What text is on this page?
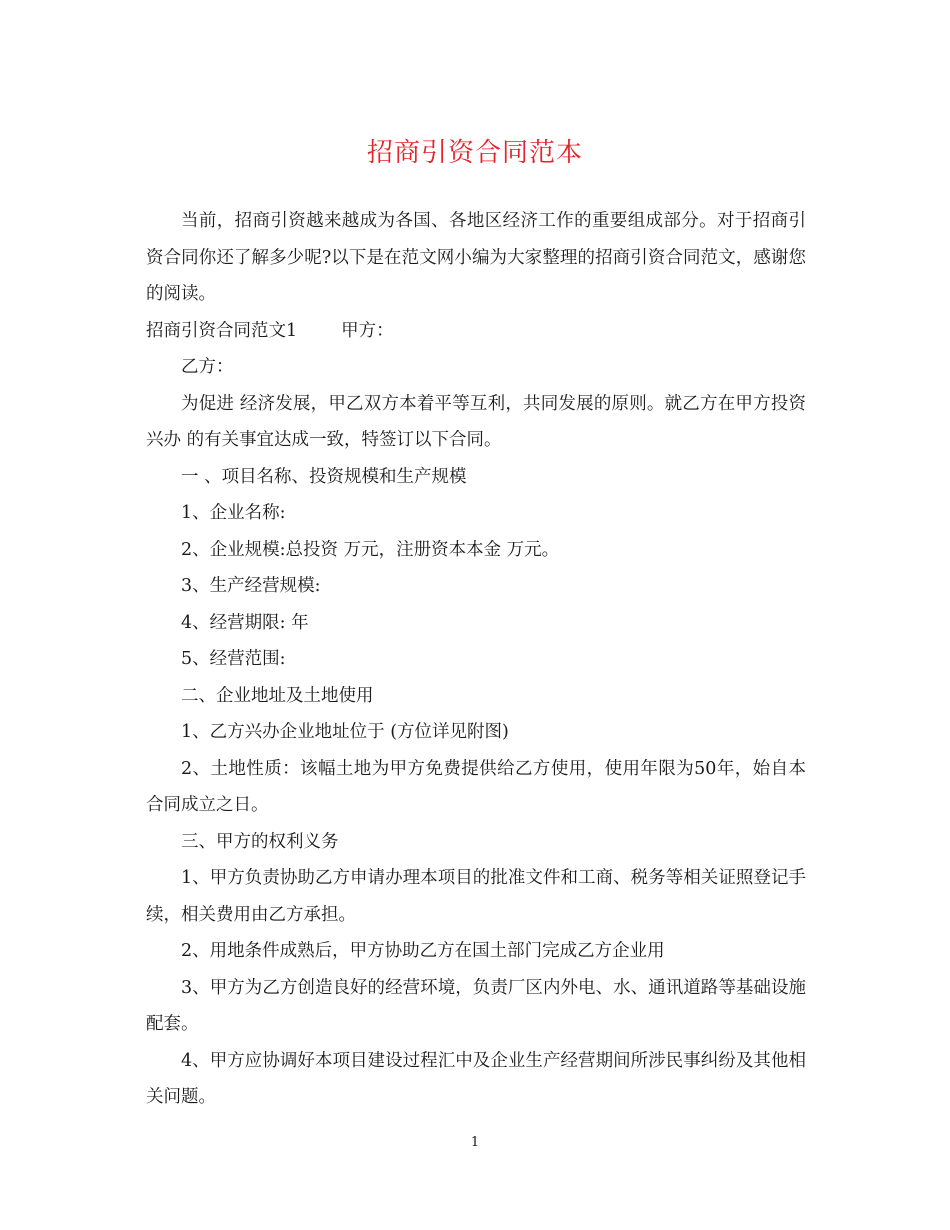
招商引资合同范本

当前，招商引资越来越成为各国、各地区经济工作的重要组成部分。对于招商引资合同你还了解多少呢?以下是在范文网小编为大家整理的招商引资合同范文，感谢您的阅读。

招商引资合同范文1	甲方：

乙方：

为促进 经济发展，甲乙双方本着平等互利，共同发展的原则。就乙方在甲方投资兴办 的有关事宜达成一致，特签订以下合同。

一 、项目名称、投资规模和生产规模

1、企业名称:

2、企业规模:总投资 万元，注册资本本金 万元。

3、生产经营规模:

4、经营期限: 年

5、经营范围:

二、企业地址及土地使用

1、乙方兴办企业地址位于 (方位详见附图)

2、土地性质：该幅土地为甲方免费提供给乙方使用，使用年限为50年，始自本合同成立之日。

三、甲方的权利义务

1、甲方负责协助乙方申请办理本项目的批准文件和工商、税务等相关证照登记手续，相关费用由乙方承担。

2、用地条件成熟后，甲方协助乙方在国土部门完成乙方企业用

3、甲方为乙方创造良好的经营环境，负责厂区内外电、水、通讯道路等基础设施配套。

4、甲方应协调好本项目建设过程汇中及企业生产经营期间所涉民事纠纷及其他相关问题。

1
